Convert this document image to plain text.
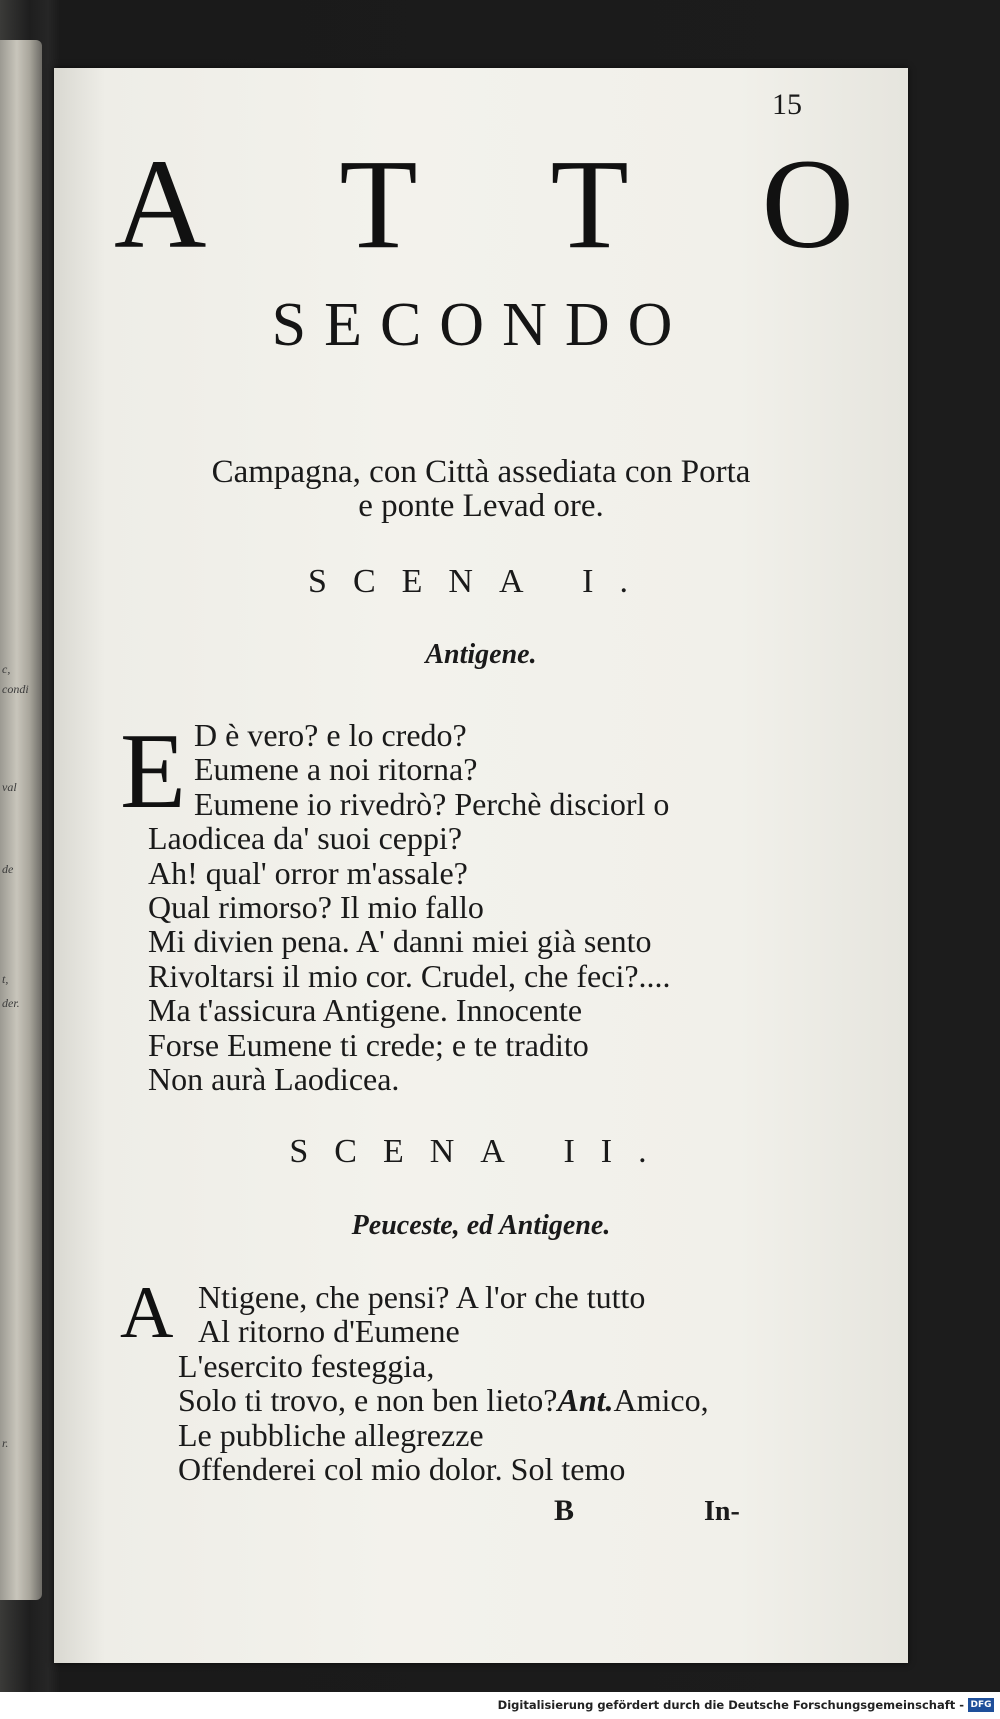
c,
condi
val
de
t,
der.
r.
15
A T T O
SECONDO
Campagna, con Città assediata con Porta
e ponte Levad ore.
SCENA I.
Antigene.
E D è vero? e lo credo?
Eumene a noi ritorna?
Eumene io rivedrò? Perchè disciorl o
Laodicea da' suoi ceppi?
Ah! qual' orror m'assale?
Qual rimorso? Il mio fallo
Mi divien pena. A' danni miei già sento
Rivoltarsi il mio cor. Crudel, che feci?....
Ma t'assicura Antigene. Innocente
Forse Eumene ti crede; e te tradito
Non aurà Laodicea.
SCENA II.
Peuceste, ed Antigene.
A Ntigene, che pensi? A l'or che tutto
Al ritorno d'Eumene
L'esercito festeggia,
Solo ti trovo, e non ben lieto?Ant.Amico,
Le pubbliche allegrezze
Offenderei col mio dolor. Sol temo
B	In-
Digitalisierung gefördert durch die Deutsche Forschungsgemeinschaft - DFG
